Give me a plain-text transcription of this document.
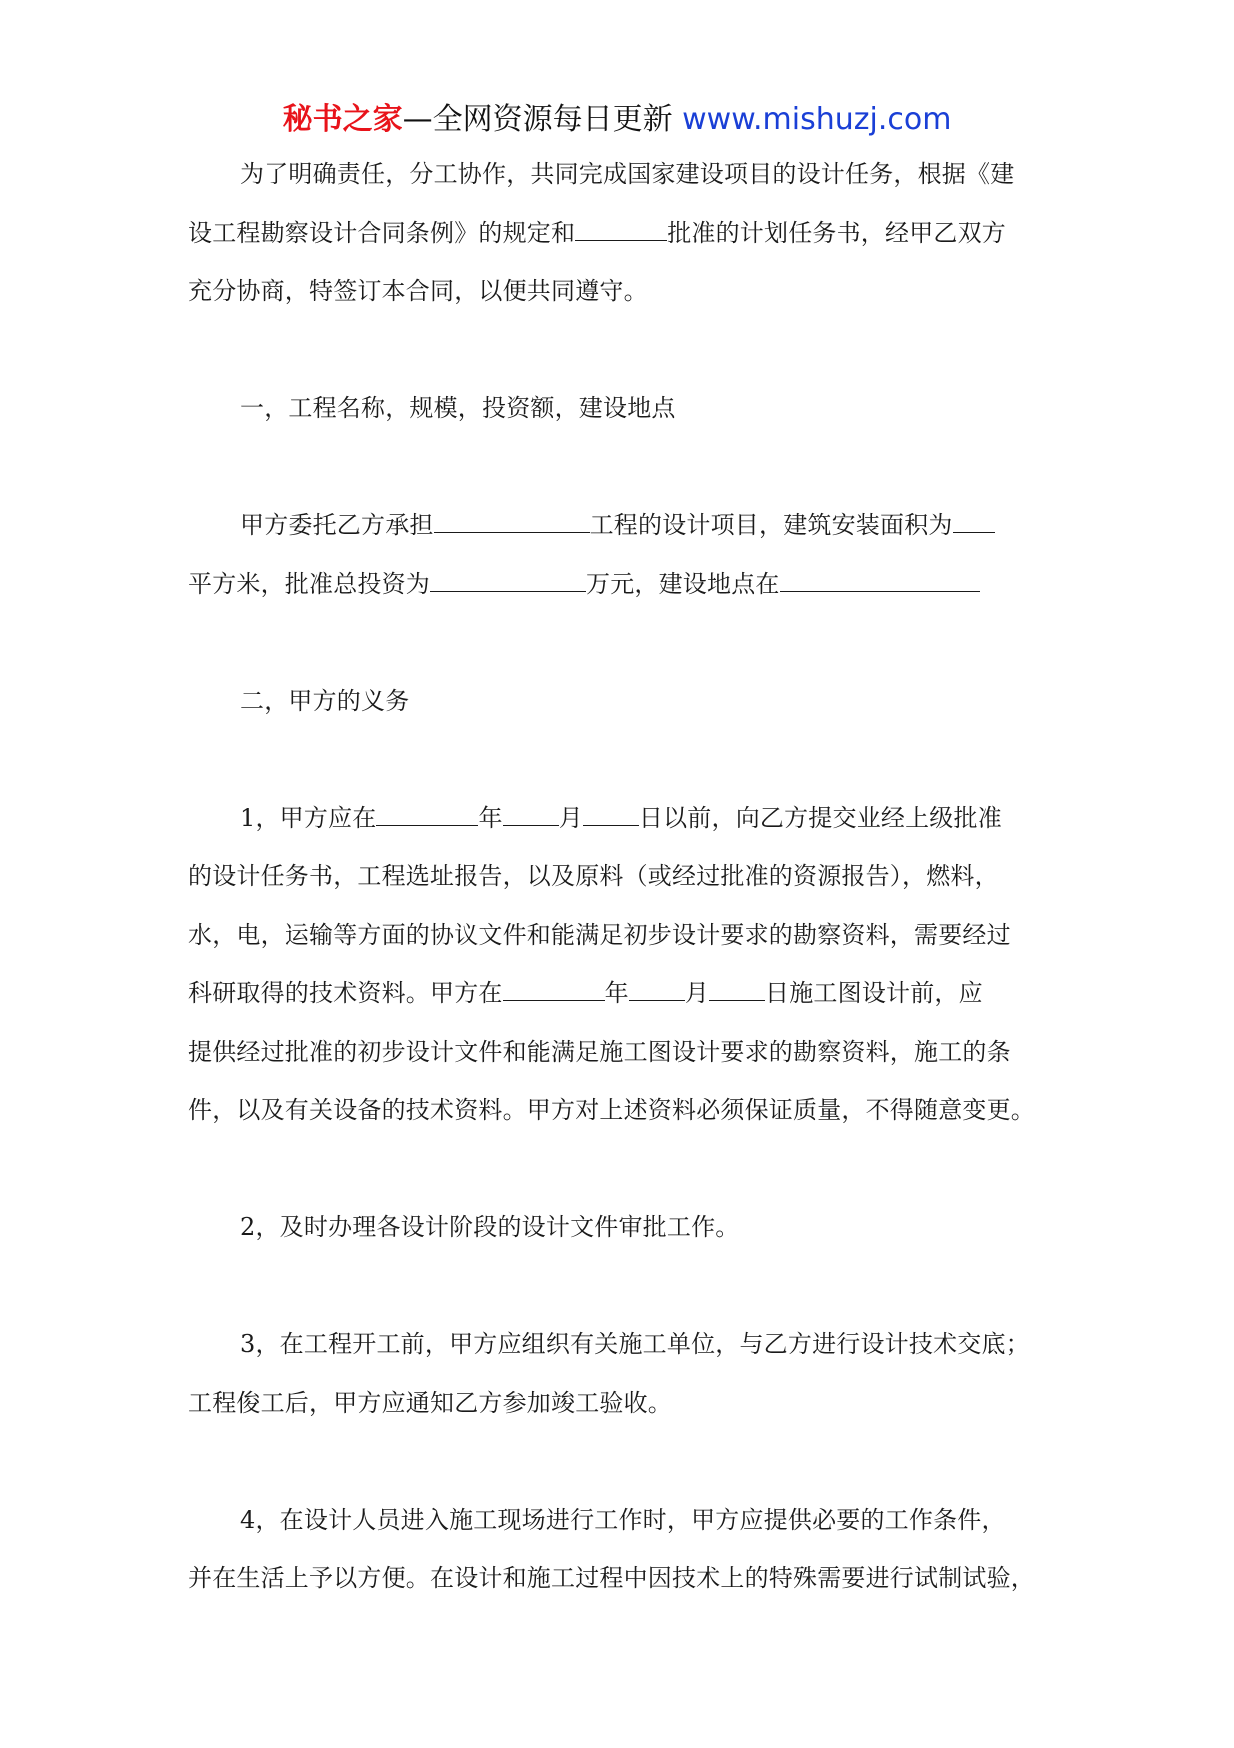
秘书之家—全网资源每日更新 www.mishuzj.com

为了明确责任，分工协作，共同完成国家建设项目的设计任务，根据《建

设工程勘察设计合同条例》的规定和	批准的计划任务书，经甲乙双方

充分协商，特签订本合同，以便共同遵守。

一，工程名称，规模，投资额，建设地点

甲方委托乙方承担	工程的设计项目，建筑安装面积为

平方米，批准总投资为	万元，建设地点在

二，甲方的义务

1，甲方应在	年 月 日以前，向乙方提交业经上级批准

的设计任务书，工程选址报告，以及原料（或经过批准的资源报告），燃料，

水，电，运输等方面的协议文件和能满足初步设计要求的勘察资料，需要经过

科研取得的技术资料。甲方在	年 月 日施工图设计前，应

提供经过批准的初步设计文件和能满足施工图设计要求的勘察资料，施工的条

件，以及有关设备的技术资料。甲方对上述资料必须保证质量，不得随意变更。

2，及时办理各设计阶段的设计文件审批工作。

3，在工程开工前，甲方应组织有关施工单位，与乙方进行设计技术交底；

工程俊工后，甲方应通知乙方参加竣工验收。

4，在设计人员进入施工现场进行工作时，甲方应提供必要的工作条件，

并在生活上予以方便。在设计和施工过程中因技术上的特殊需要进行试制试验，
